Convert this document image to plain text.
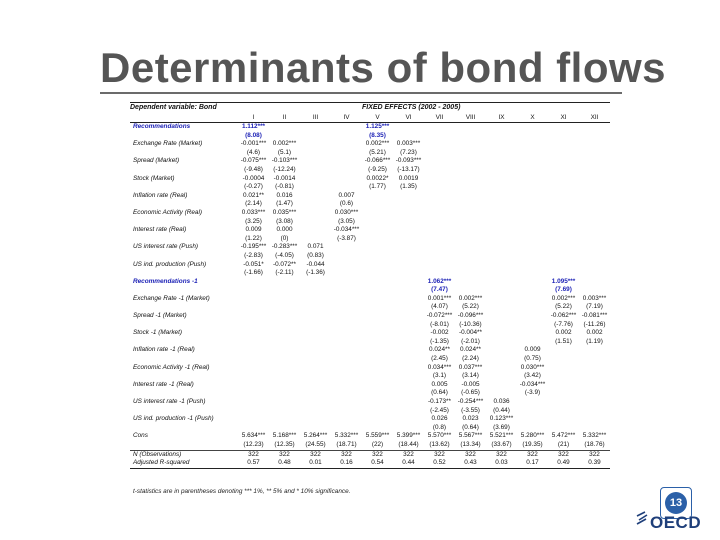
Determinants of bond flows
Dependent variable: Bond					FIXED EFFECTS (2002 - 2005)							
	I	II	III	IV	V	VI	VII	VIII	IX	X	XI	XII
Recommendations	1.112***				1.125***							
	(8.08)				(8.35)							
Exchange Rate (Market)	-0.001***	0.002***			0.002***	0.003***						
	(4.6)	(5.1)			(5.21)	(7.23)						
Spread (Market)	-0.075***	-0.103***			-0.066***	-0.093***						
	(-9.48)	(-12.24)			(-9.25)	(-13.17)						
Stock (Market)	-0.0004	-0.0014			0.0022*	0.0019						
	(-0.27)	(-0.81)			(1.77)	(1.35)						
Inflation rate (Real)	0.021**	0.016		0.007								
	(2.14)	(1.47)		(0.6)								
Economic Activity (Real)	0.033***	0.035***		0.030***								
	(3.25)	(3.08)		(3.05)								
Interest rate (Real)	0.009	0.000		-0.034***								
	(1.22)	(0)		(-3.87)								
US interest rate (Push)	-0.195***	-0.283***	0.071									
	(-2.83)	(-4.05)	(0.83)									
US ind. production (Push)	-0.051*	-0.072**	-0.044									
	(-1.66)	(-2.11)	(-1.36)									
Recommendations -1							1.062***				1.095***	
							(7.47)				(7.69)	
Exchange Rate -1 (Market)							0.001***	0.002***			0.002***	0.003***
							(4.07)	(5.22)			(5.22)	(7.19)
Spread -1 (Market)							-0.072***	-0.096***			-0.062***	-0.081***
							(-8.01)	(-10.36)			(-7.76)	(-11.26)
Stock -1 (Market)							-0.002	-0.004**			0.002	0.002
							(-1.35)	(-2.01)			(1.51)	(1.19)
Inflation rate -1 (Real)							0.024**	0.024**		0.009		
							(2.45)	(2.24)		(0.75)		
Economic Activity -1 (Real)							0.034***	0.037***		0.030***		
							(3.1)	(3.14)		(3.42)		
Interest rate -1 (Real)							0.005	-0.005		-0.034***		
							(0.64)	(-0.65)		(-3.9)		
US interest rate -1 (Push)							-0.173**	-0.254***	0.036			
							(-2.45)	(-3.55)	(0.44)			
US ind. production -1 (Push)							0.026	0.023	0.123***			
							(0.8)	(0.64)	(3.69)			
Cons	5.634***	5.168***	5.264***	5.332***	5.559***	5.399***	5.570***	5.567***	5.521***	5.280***	5.472***	5.332***
	(12.23)	(12.35)	(24.55)	(18.71)	(22)	(18.44)	(13.62)	(13.34)	(33.67)	(19.35)	(21)	(18.76)
N (Observations)	322	322	322	322	322	322	322	322	322	322	322	322
Adjusted R-squared	0.57	0.48	0.01	0.16	0.54	0.44	0.52	0.43	0.03	0.17	0.49	0.39
t-statistics are in parentheses denoting *** 1%, ** 5% and * 10% significance.
13
OECD
